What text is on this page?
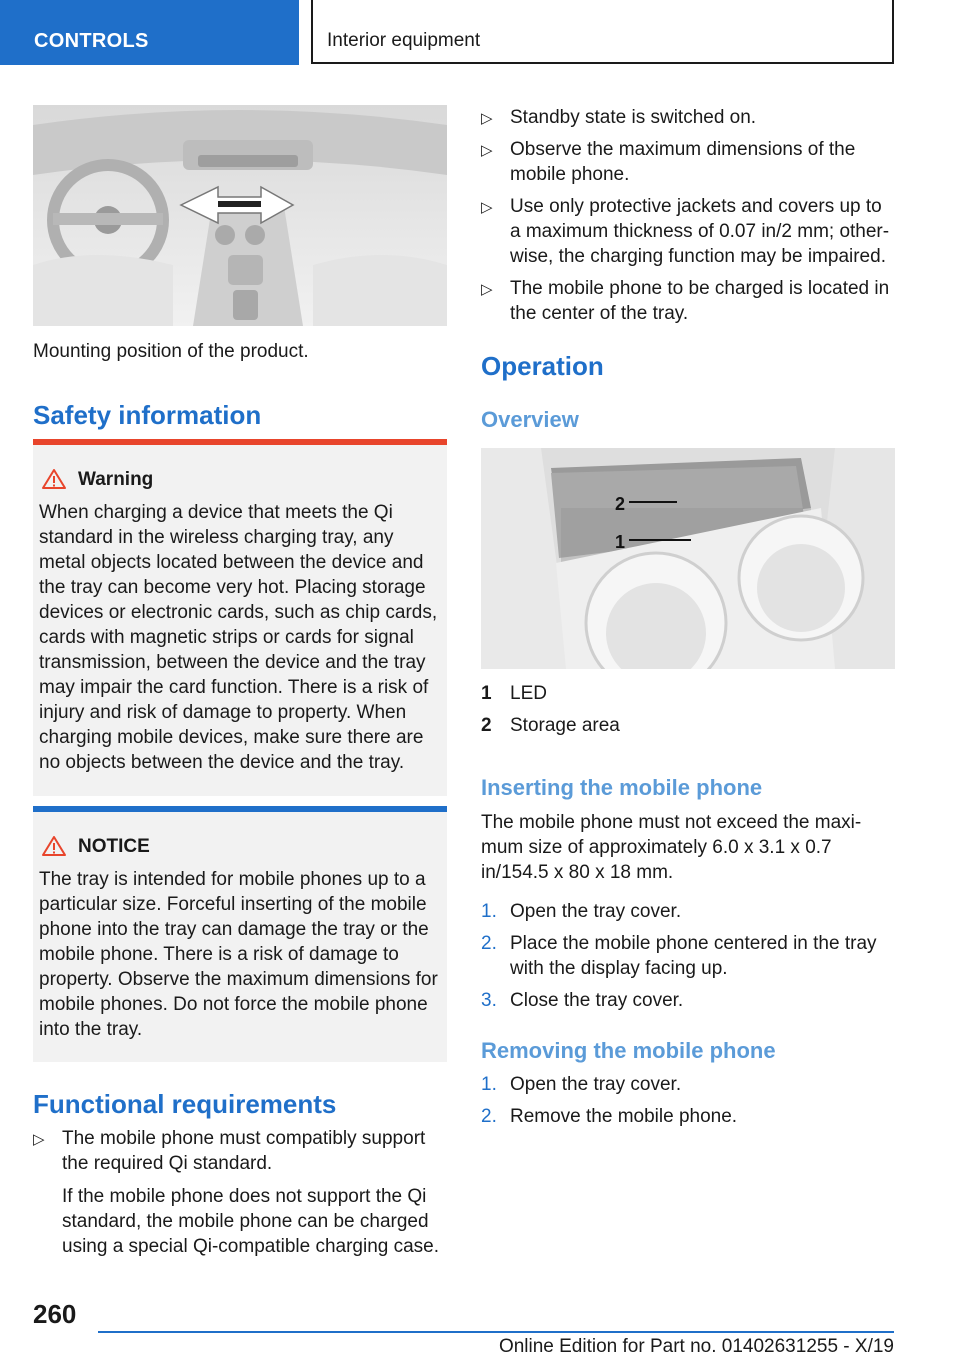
CONTROLS	Interior equipment
Mounting position of the product.
Safety information
Warning
When charging a device that meets the Qi standard in the wireless charging tray, any metal objects located between the device and the tray can become very hot. Placing storage devices or electronic cards, such as chip cards, cards with magnetic strips or cards for signal transmission, between the device and the tray may impair the card function. There is a risk of injury and risk of damage to property. When charging mobile devices, make sure there are no objects between the device and the tray.
NOTICE
The tray is intended for mobile phones up to a particular size. Forceful inserting of the mobile phone into the tray can damage the tray or the mobile phone. There is a risk of damage to property. Observe the maximum dimensions for mobile phones. Do not force the mobile phone into the tray.
Functional requirements
▷ The mobile phone must compatibly support the required Qi standard.
If the mobile phone does not support the Qi standard, the mobile phone can be charged using a special Qi-compatible charging case.
▷ Standby state is switched on.
▷ Observe the maximum dimensions of the mobile phone.
▷ Use only protective jackets and covers up to a maximum thickness of 0.07 in/2 mm; other-wise, the charging function may be impaired.
▷ The mobile phone to be charged is located in the center of the tray.
Operation
Overview
2
1
1 LED
2 Storage area
Inserting the mobile phone
The mobile phone must not exceed the maxi-mum size of approximately 6.0 x 3.1 x 0.7 in/154.5 x 80 x 18 mm.
1. Open the tray cover.
2. Place the mobile phone centered in the tray with the display facing up.
3. Close the tray cover.
Removing the mobile phone
1. Open the tray cover.
2. Remove the mobile phone.
260
Online Edition for Part no. 01402631255 - X/19
